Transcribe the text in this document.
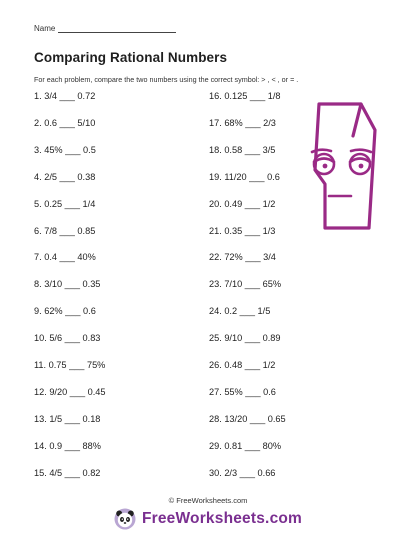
Name
Comparing Rational Numbers
For each problem, compare the two numbers using the correct symbol: > , < , or = .
1. 3/4 ___ 0.72
2. 0.6 ___ 5/10
3. 45% ___ 0.5
4. 2/5 ___ 0.38
5. 0.25 ___ 1/4
6. 7/8 ___ 0.85
7. 0.4 ___ 40%
8. 3/10 ___ 0.35
9. 62% ___ 0.6
10. 5/6 ___ 0.83
11. 0.75 ___ 75%
12. 9/20 ___ 0.45
13. 1/5 ___ 0.18
14. 0.9 ___ 88%
15. 4/5 ___ 0.82
16. 0.125 ___ 1/8
17. 68% ___ 2/3
18. 0.58 ___ 3/5
19. 11/20 ___ 0.6
20. 0.49 ___ 1/2
21. 0.35 ___ 1/3
22. 72% ___ 3/4
23. 7/10 ___ 65%
24. 0.2 ___ 1/5
25. 9/10 ___ 0.89
26. 0.48 ___ 1/2
27. 55% ___ 0.6
28. 13/20 ___ 0.65
29. 0.81 ___ 80%
30. 2/3 ___ 0.66
© FreeWorksheets.com
FreeWorksheets.com
